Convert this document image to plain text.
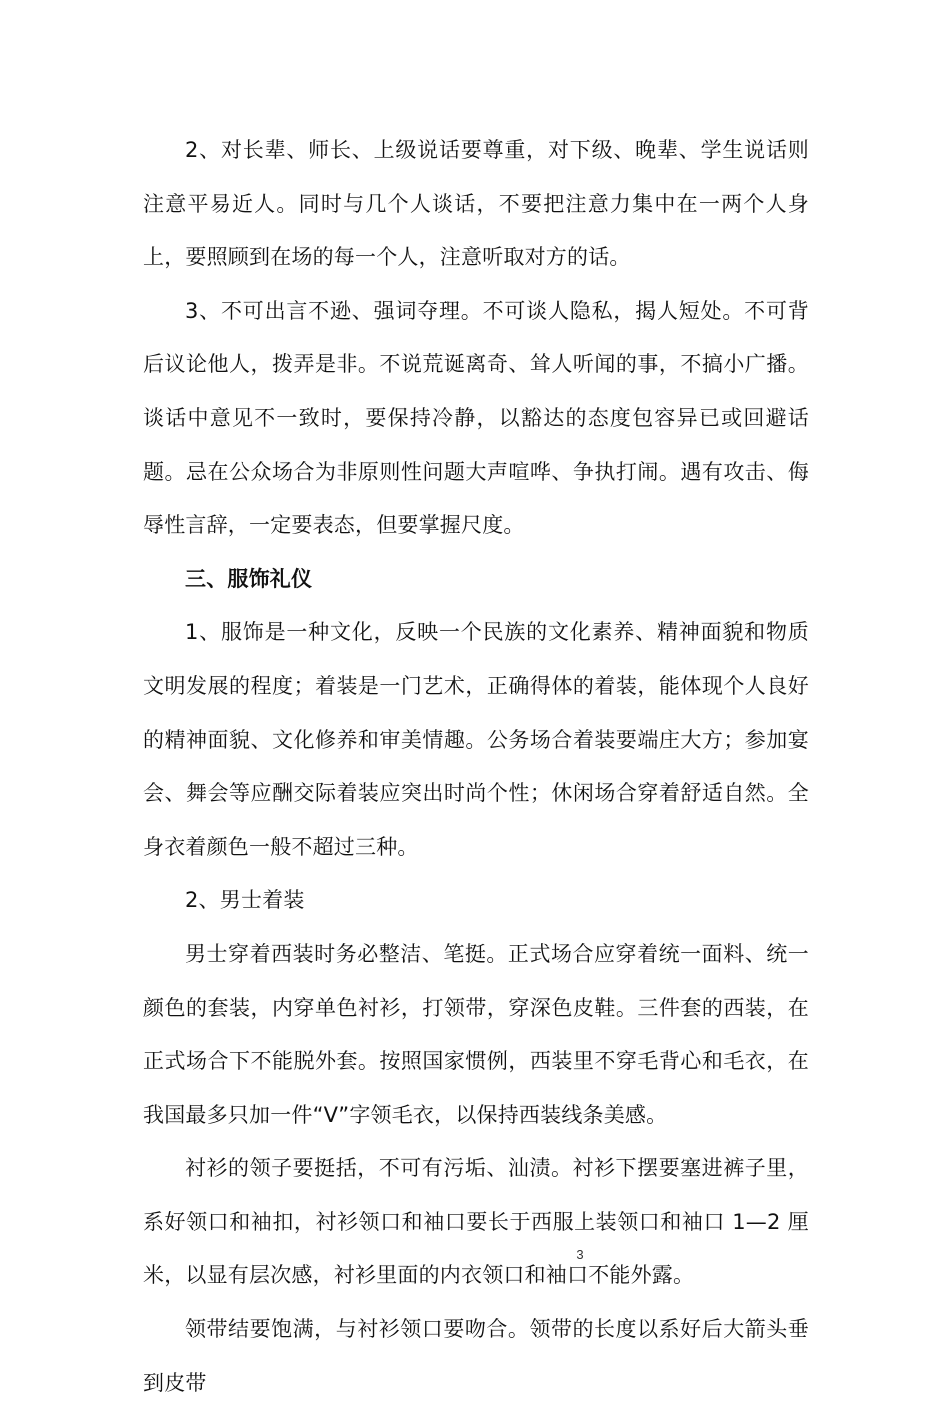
2、对长辈、师长、上级说话要尊重，对下级、晚辈、学生说话则注意平易近人。同时与几个人谈话，不要把注意力集中在一两个人身上，要照顾到在场的每一个人，注意听取对方的话。

3、不可出言不逊、强词夺理。不可谈人隐私，揭人短处。不可背后议论他人，拨弄是非。不说荒诞离奇、耸人听闻的事，不搞小广播。谈话中意见不一致时，要保持冷静，以豁达的态度包容异已或回避话题。忌在公众场合为非原则性问题大声喧哗、争执打闹。遇有攻击、侮辱性言辞，一定要表态，但要掌握尺度。

三、服饰礼仪

1、服饰是一种文化，反映一个民族的文化素养、精神面貌和物质文明发展的程度；着装是一门艺术，正确得体的着装，能体现个人良好的精神面貌、文化修养和审美情趣。公务场合着装要端庄大方；参加宴会、舞会等应酬交际着装应突出时尚个性；休闲场合穿着舒适自然。全身衣着颜色一般不超过三种。

2、男士着装

男士穿着西装时务必整洁、笔挺。正式场合应穿着统一面料、统一颜色的套装，内穿单色衬衫，打领带，穿深色皮鞋。三件套的西装，在正式场合下不能脱外套。按照国家惯例，西装里不穿毛背心和毛衣，在我国最多只加一件“V”字领毛衣，以保持西装线条美感。

衬衫的领子要挺括，不可有污垢、汕渍。衬衫下摆要塞进裤子里，系好领口和袖扣，衬衫领口和袖口要长于西服上装领口和袖口 1—2 厘米，以显有层次感，衬衫里面的内衣领口和袖口不能外露。

领带结要饱满，与衬衫领口要吻合。领带的长度以系好后大箭头垂到皮带

3
